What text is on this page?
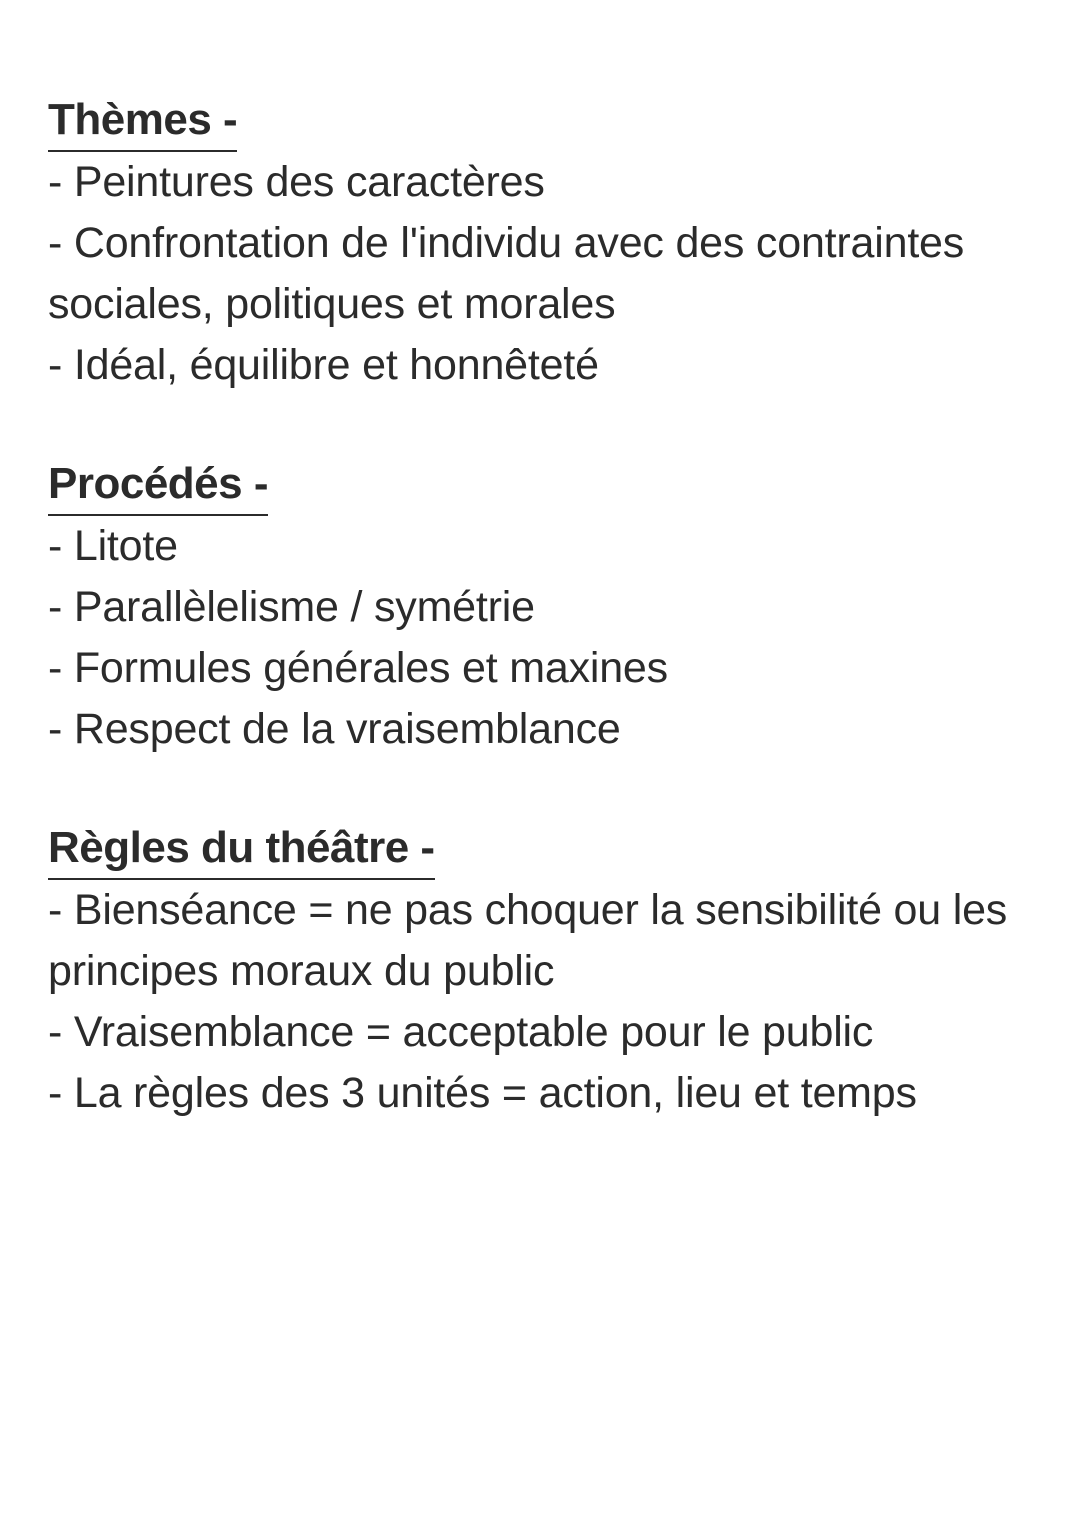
Thèmes -
- Peintures des caractères
- Confrontation de l'individu avec des contraintes sociales, politiques et morales
- Idéal, équilibre et honnêteté
Procédés -
- Litote
- Parallèlelisme / symétrie
- Formules générales et maxines
- Respect de la vraisemblance
Règles du théâtre -
- Bienséance = ne pas choquer la sensibilité ou les principes moraux du public
- Vraisemblance = acceptable pour le public
- La règles des 3 unités = action, lieu et temps
